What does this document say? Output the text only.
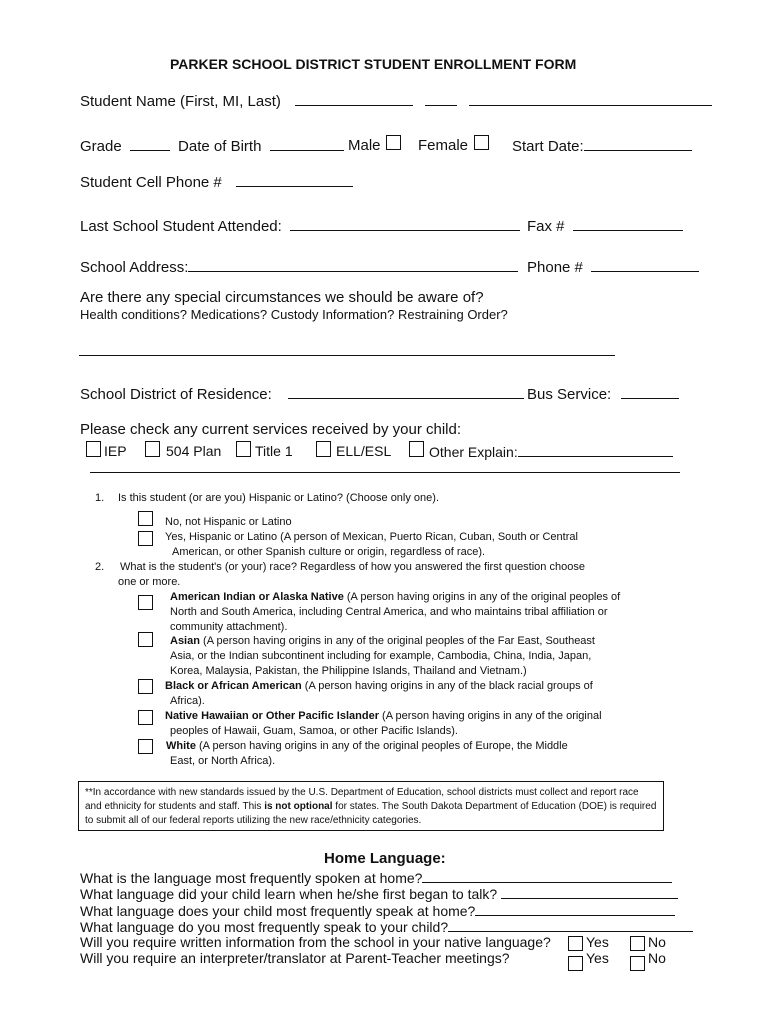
PARKER SCHOOL DISTRICT STUDENT ENROLLMENT FORM
Student Name (First, MI, Last)
Grade	Date of Birth	Male Female	Start Date:
Student Cell Phone #
Last School Student Attended:	Fax #
School Address:	Phone #
Are there any special circumstances we should be aware of?
Health conditions? Medications? Custody Information? Restraining Order?
School District of Residence:	Bus Service:
Please check any current services received by your child:
IEP	504 Plan Title 1	ELL/ESL	Other Explain:
1. Is this student (or are you) Hispanic or Latino? (Choose only one).
No, not Hispanic or Latino
Yes, Hispanic or Latino (A person of Mexican, Puerto Rican, Cuban, South or Central
American, or other Spanish culture or origin, regardless of race).
2. What is the student's (or your) race? Regardless of how you answered the first question choose
one or more.
American Indian or Alaska Native (A person having origins in any of the original peoples of
North and South America, including Central America, and who maintains tribal affiliation or
community attachment).
Asian (A person having origins in any of the original peoples of the Far East, Southeast
Asia, or the Indian subcontinent including for example, Cambodia, China, India, Japan,
Korea, Malaysia, Pakistan, the Philippine Islands, Thailand and Vietnam.)
Black or African American (A person having origins in any of the black racial groups of
Africa).
Native Hawaiian or Other Pacific Islander (A person having origins in any of the original
peoples of Hawaii, Guam, Samoa, or other Pacific Islands).
White (A person having origins in any of the original peoples of Europe, the Middle
East, or North Africa).
**In accordance with new standards issued by the U.S. Department of Education, school districts must collect and report race and ethnicity for students and staff. This is not optional for states. The South Dakota Department of Education (DOE) is required to submit all of our federal reports utilizing the new race/ethnicity categories.
Home Language:
What is the language most frequently spoken at home?
What language did your child learn when he/she first began to talk?
What language does your child most frequently speak at home?
What language do you most frequently speak to your child?
Will you require written information from the school in your native language?	Yes	No
Will you require an interpreter/translator at Parent-Teacher meetings?	Yes	No
